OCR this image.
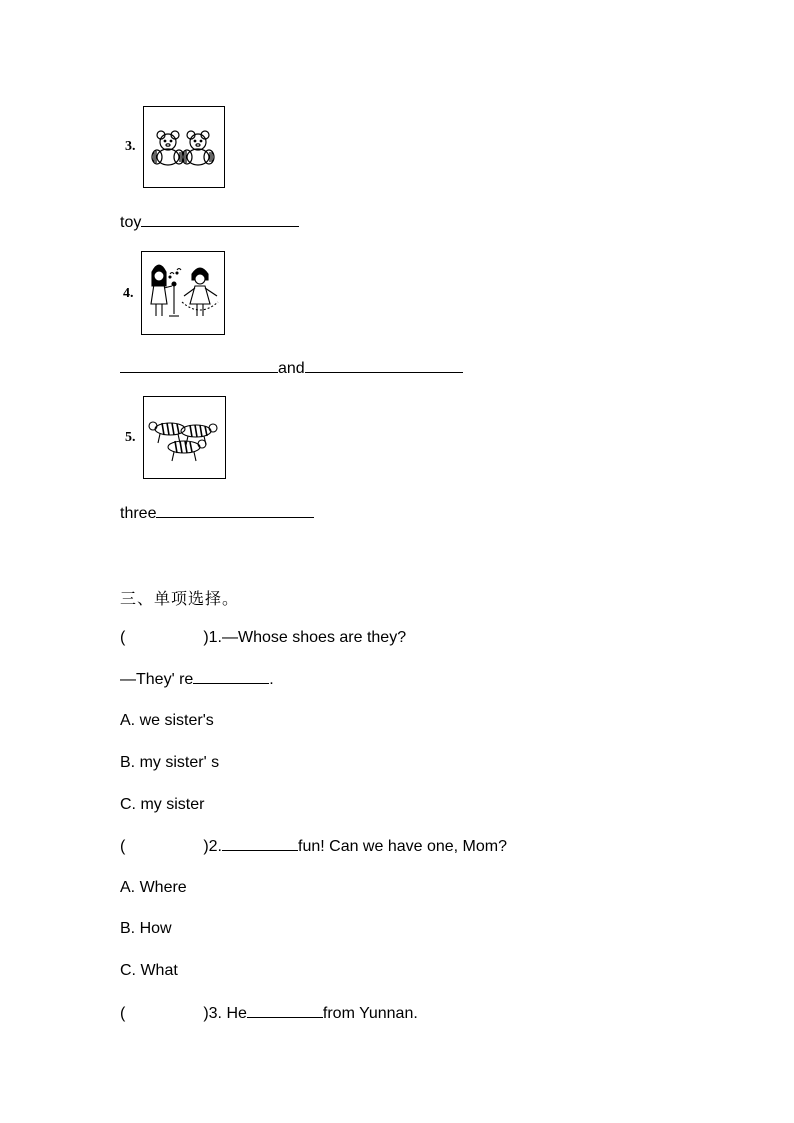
3.
toy
4.
and
5.
three
三、单项选择。
(	)1.—Whose shoes are they?
—They' re	.
A. we sister's
B. my sister' s
C. my sister
(	)2.	fun! Can we have one, Mom?
A. Where
B. How
C. What
(	)3. He	from Yunnan.
